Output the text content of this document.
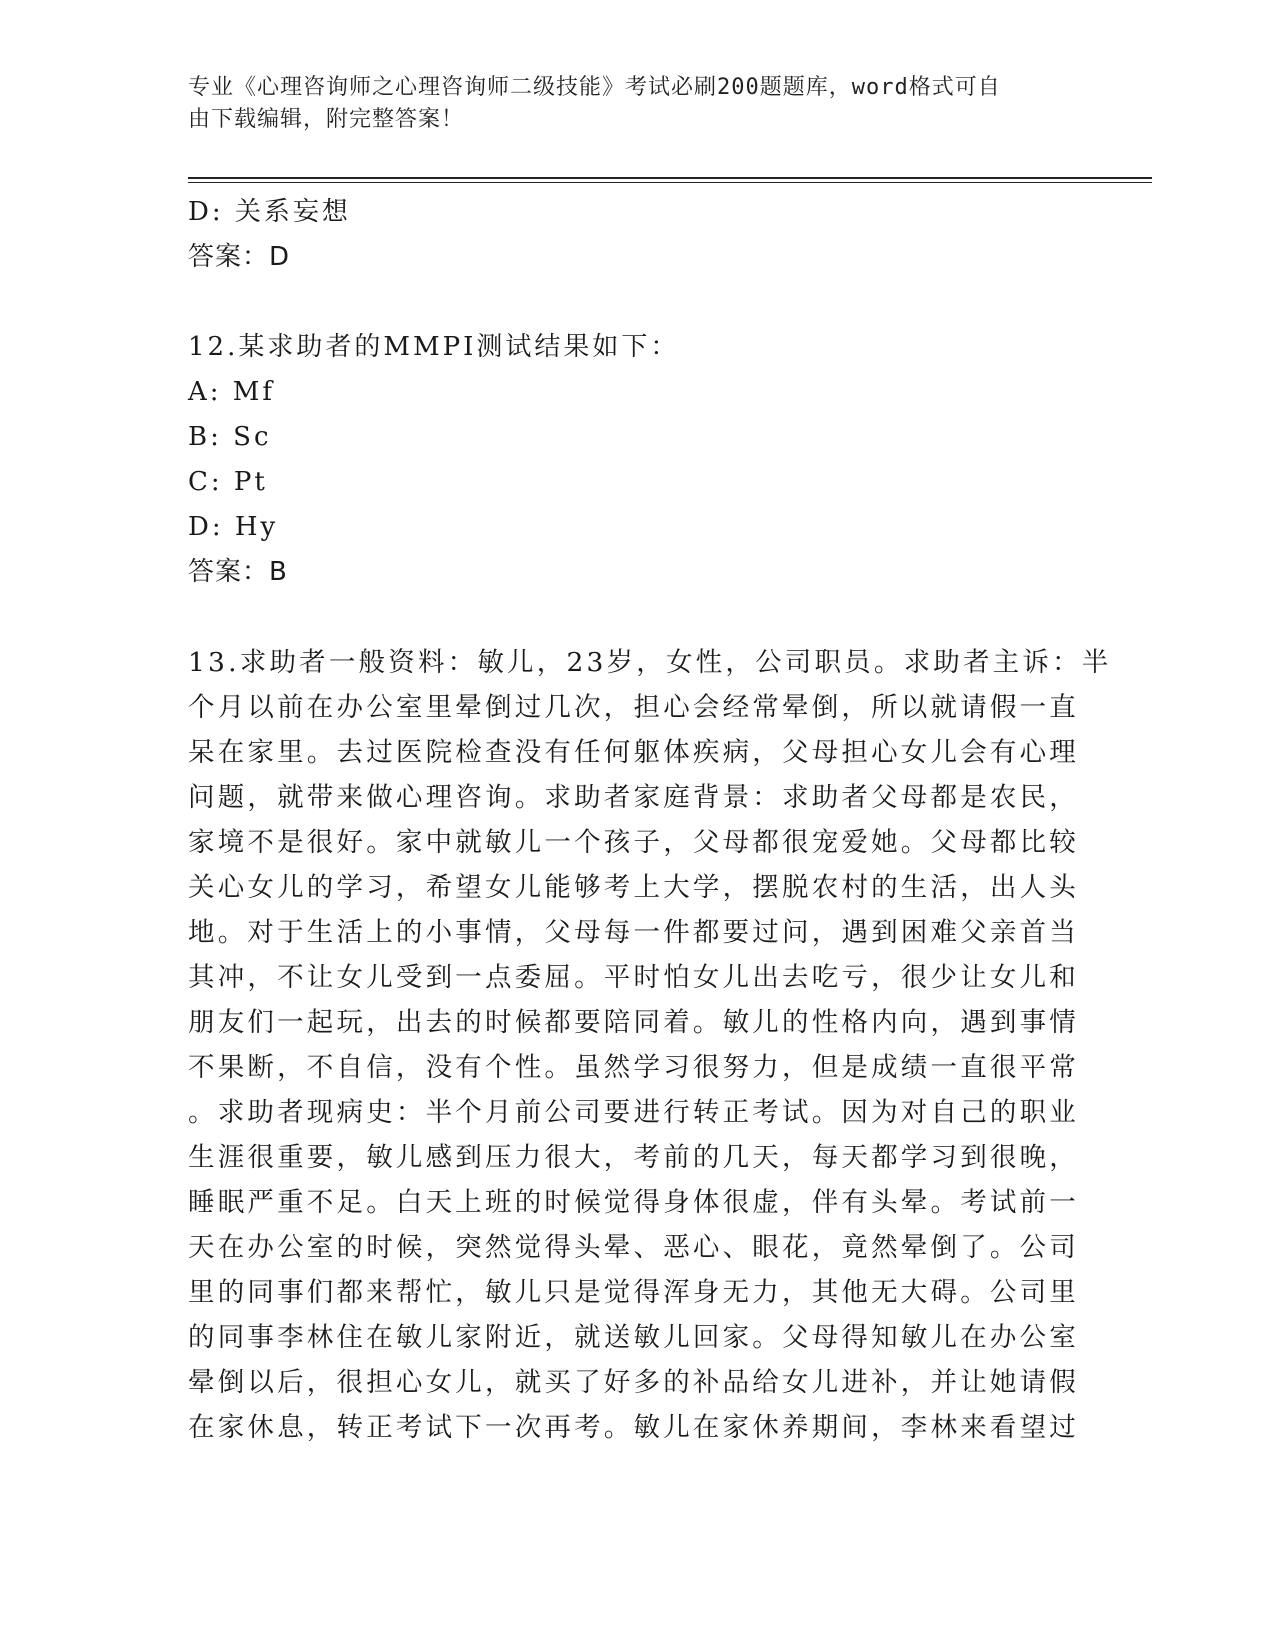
专业《心理咨询师之心理咨询师二级技能》考试必刷200题题库，word格式可自
由下载编辑，附完整答案！
D: 关系妄想
答案：D
12.某求助者的MMPI测试结果如下：
A: Mf
B: Sc
C: Pt
D: Hy
答案：B
13.求助者一般资料：敏儿，23岁，女性，公司职员。求助者主诉：半
个月以前在办公室里晕倒过几次，担心会经常晕倒，所以就请假一直
呆在家里。去过医院检查没有任何躯体疾病，父母担心女儿会有心理
问题，就带来做心理咨询。求助者家庭背景：求助者父母都是农民，
家境不是很好。家中就敏儿一个孩子，父母都很宠爱她。父母都比较
关心女儿的学习，希望女儿能够考上大学，摆脱农村的生活，出人头
地。对于生活上的小事情，父母每一件都要过问，遇到困难父亲首当
其冲，不让女儿受到一点委屈。平时怕女儿出去吃亏，很少让女儿和
朋友们一起玩，出去的时候都要陪同着。敏儿的性格内向，遇到事情
不果断，不自信，没有个性。虽然学习很努力，但是成绩一直很平常
。求助者现病史：半个月前公司要进行转正考试。因为对自己的职业
生涯很重要，敏儿感到压力很大，考前的几天，每天都学习到很晚，
睡眠严重不足。白天上班的时候觉得身体很虚，伴有头晕。考试前一
天在办公室的时候，突然觉得头晕、恶心、眼花，竟然晕倒了。公司
里的同事们都来帮忙，敏儿只是觉得浑身无力，其他无大碍。公司里
的同事李林住在敏儿家附近，就送敏儿回家。父母得知敏儿在办公室
晕倒以后，很担心女儿，就买了好多的补品给女儿进补，并让她请假
在家休息，转正考试下一次再考。敏儿在家休养期间，李林来看望过
